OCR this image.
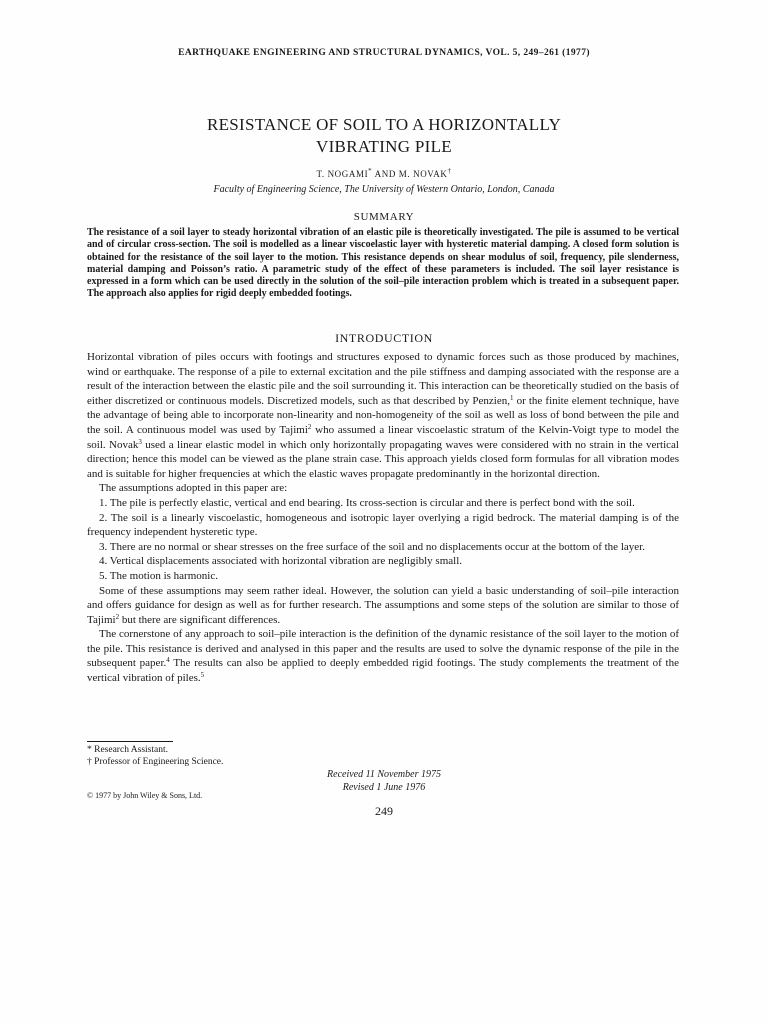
EARTHQUAKE ENGINEERING AND STRUCTURAL DYNAMICS, VOL. 5, 249–261 (1977)
RESISTANCE OF SOIL TO A HORIZONTALLY
VIBRATING PILE
T. NOGAMI* AND M. NOVAK†
Faculty of Engineering Science, The University of Western Ontario, London, Canada
SUMMARY
The resistance of a soil layer to steady horizontal vibration of an elastic pile is theoretically investigated. The pile is assumed to be vertical and of circular cross-section. The soil is modelled as a linear viscoelastic layer with hysteretic material damping. A closed form solution is obtained for the resistance of the soil layer to the motion. This resistance depends on shear modulus of soil, frequency, pile slenderness, material damping and Poisson’s ratio. A parametric study of the effect of these parameters is included. The soil layer resistance is expressed in a form which can be used directly in the solution of the soil–pile interaction problem which is treated in a subsequent paper. The approach also applies for rigid deeply embedded footings.
INTRODUCTION

Horizontal vibration of piles occurs with footings and structures exposed to dynamic forces such as those produced by machines, wind or earthquake. The response of a pile to external excitation and the pile stiffness and damping associated with the response are a result of the interaction between the elastic pile and the soil surrounding it. This interaction can be theoretically studied on the basis of either discretized or continuous models. Discretized models, such as that described by Penzien,$^1$ or the finite element technique, have the advantage of being able to incorporate non-linearity and non-homogeneity of the soil as well as loss of bond between the pile and the soil. A continuous model was used by Tajimi$^2$ who assumed a linear viscoelastic stratum of the Kelvin-Voigt type to model the soil. Novak$^3$ used a linear elastic model in which only horizontally propagating waves were considered with no strain in the vertical direction; hence this model can be viewed as the plane strain case. This approach yields closed form formulas for all vibration modes and is suitable for higher frequencies at which the elastic waves propagate predominantly in the horizontal direction.

The assumptions adopted in this paper are:

1. The pile is perfectly elastic, vertical and end bearing. Its cross-section is circular and there is perfect bond with the soil.

2. The soil is a linearly viscoelastic, homogeneous and isotropic layer overlying a rigid bedrock. The material damping is of the frequency independent hysteretic type.

3. There are no normal or shear stresses on the free surface of the soil and no displacements occur at the bottom of the layer.

4. Vertical displacements associated with horizontal vibration are negligibly small.

5. The motion is harmonic.

Some of these assumptions may seem rather ideal. However, the solution can yield a basic understanding of soil–pile interaction and offers guidance for design as well as for further research. The assumptions and some steps of the solution are similar to those of Tajimi$^2$ but there are significant differences.

The cornerstone of any approach to soil–pile interaction is the definition of the dynamic resistance of the soil layer to the motion of the pile. This resistance is derived and analysed in this paper and the results are used to solve the dynamic response of the pile in the subsequent paper.$^4$ The results can also be applied to deeply embedded rigid footings. The study complements the treatment of the vertical vibration of piles.$^5$

* Research Assistant.

† Professor of Engineering Science.

Received 11 November 1975

Revised 1 June 1976

© 1977 by John Wiley & Sons, Ltd.
249
